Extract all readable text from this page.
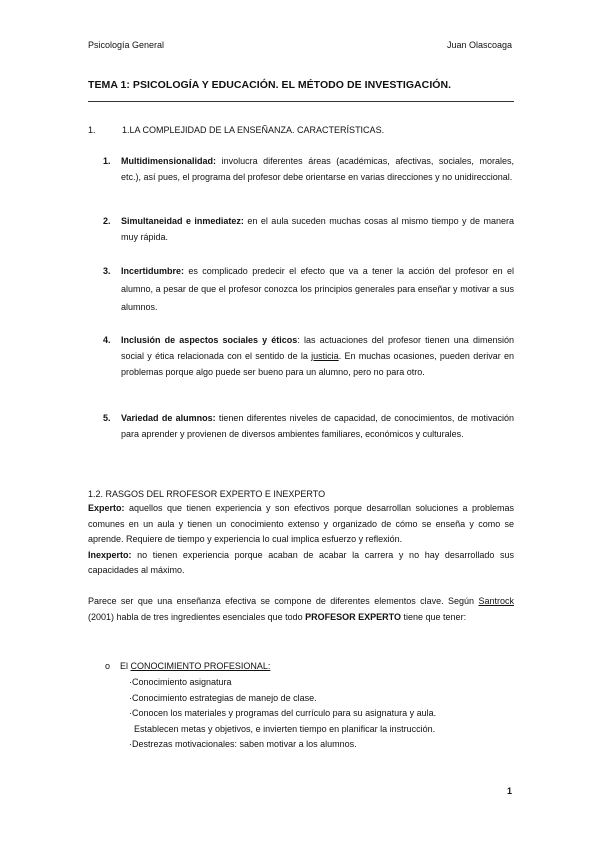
Psicología General	Juan Olascoaga
TEMA 1: PSICOLOGÍA Y EDUCACIÓN. EL MÉTODO DE INVESTIGACIÓN.
1.	1.LA COMPLEJIDAD DE LA ENSEÑANZA. CARACTERÍSTICAS.
1. Multidimensionalidad: involucra diferentes áreas (académicas, afectivas, sociales, morales, etc.), así pues, el programa del profesor debe orientarse en varias direcciones y no unidireccional.
2. Simultaneidad e inmediatez: en el aula suceden muchas cosas al mismo tiempo y de manera muy rápida.
3. Incertidumbre: es complicado predecir el efecto que va a tener la acción del profesor en el alumno, a pesar de que el profesor conozca los principios generales para enseñar y motivar a sus alumnos.
4. Inclusión de aspectos sociales y éticos: las actuaciones del profesor tienen una dimensión social y ética relacionada con el sentido de la justicia. En muchas ocasiones, pueden derivar en problemas porque algo puede ser bueno para un alumno, pero no para otro.
5. Variedad de alumnos: tienen diferentes niveles de capacidad, de conocimientos, de motivación para aprender y provienen de diversos ambientes familiares, económicos y culturales.
1.2. RASGOS DEL RROFESOR EXPERTO E INEXPERTO
Experto: aquellos que tienen experiencia y son efectivos porque desarrollan soluciones a problemas comunes en un aula y tienen un conocimiento extenso y organizado de cómo se enseña y como se aprende. Requiere de tiempo y experiencia lo cual implica esfuerzo y reflexión.
Inexperto: no tienen experiencia porque acaban de acabar la carrera y no hay desarrollado sus capacidades al máximo.
Parece ser que una enseñanza efectiva se compone de diferentes elementos clave. Según Santrock (2001) habla de tres ingredientes esenciales que todo PROFESOR EXPERTO tiene que tener:
o El CONOCIMIENTO PROFESIONAL:
·Conocimiento asignatura
·Conocimiento estrategias de manejo de clase.
·Conocen los materiales y programas del currículo para su asignatura y aula.
Establecen metas y objetivos, e invierten tiempo en planificar la instrucción.
·Destrezas motivacionales: saben motivar a los alumnos.
1
